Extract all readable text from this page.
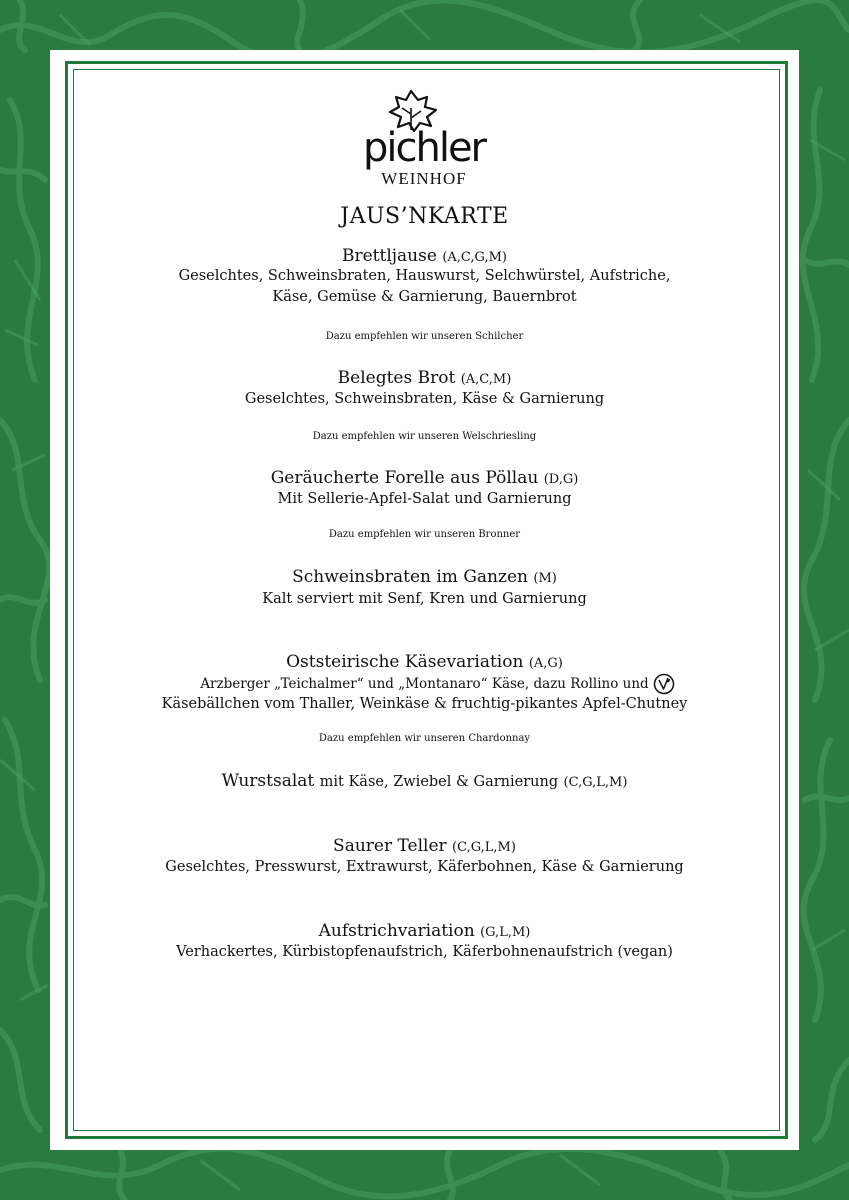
pichler
WEINHOF
JAUS’NKARTE
Brettljause (A,C,G,M)
Geselchtes, Schweinsbraten, Hauswurst, Selchwürstel, Aufstriche,
Käse, Gemüse & Garnierung, Bauernbrot
Dazu empfehlen wir unseren Schilcher
Belegtes Brot (A,C,M)
Geselchtes, Schweinsbraten, Käse & Garnierung
Dazu empfehlen wir unseren Welschriesling
Geräucherte Forelle aus Pöllau (D,G)
Mit Sellerie-Apfel-Salat und Garnierung
Dazu empfehlen wir unseren Bronner
Schweinsbraten im Ganzen (M)
Kalt serviert mit Senf, Kren und Garnierung
Oststeirische Käsevariation (A,G)
Arzberger „Teichalmer“ und „Montanaro“ Käse, dazu Rollino und
Käsebällchen vom Thaller, Weinkäse & fruchtig-pikantes Apfel-Chutney
Dazu empfehlen wir unseren Chardonnay
Wurstsalat mit Käse, Zwiebel & Garnierung (C,G,L,M)
Saurer Teller (C,G,L,M)
Geselchtes, Presswurst, Extrawurst, Käferbohnen, Käse & Garnierung
Aufstrichvariation (G,L,M)
Verhackertes, Kürbistopfenaufstrich, Käferbohnenaufstrich (vegan)
